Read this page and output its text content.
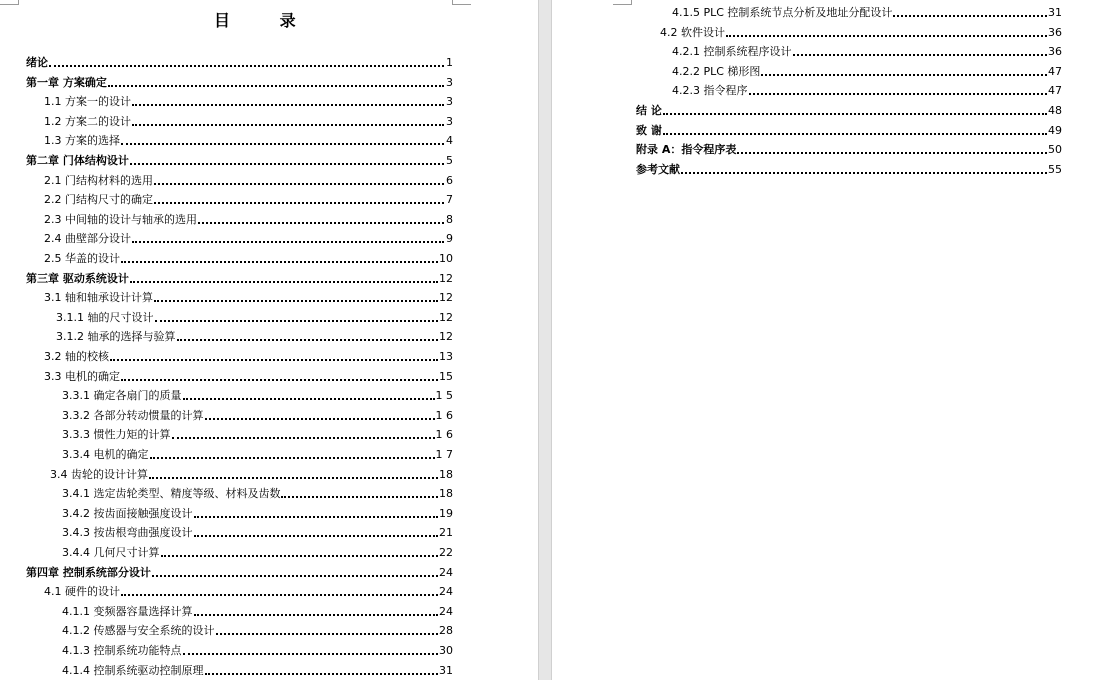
目 录
绪论	1
第一章 方案确定	3
1.1 方案一的设计	3
1.2 方案二的设计	3
1.3 方案的选择	4
第二章 门体结构设计	5
2.1 门结构材料的选用	6
2.2 门结构尺寸的确定	7
2.3 中间轴的设计与轴承的选用	8
2.4 曲壁部分设计	9
2.5 华盖的设计	10
第三章 驱动系统设计	12
3.1 轴和轴承设计计算	12
3.1.1 轴的尺寸设计	12
3.1.2 轴承的选择与验算	12
3.2 轴的校核	13
3.3 电机的确定	15
3.3.1 确定各扇门的质量	1 5
3.3.2 各部分转动惯量的计算	1 6
3.3.3 惯性力矩的计算	1 6
3.3.4 电机的确定	1 7
3.4 齿轮的设计计算	18
3.4.1 选定齿轮类型、精度等级、材料及齿数	18
3.4.2 按齿面接触强度设计	19
3.4.3 按齿根弯曲强度设计	21
3.4.4 几何尺寸计算	22
第四章 控制系统部分设计	24
4.1 硬件的设计	24
4.1.1 变频器容量选择计算	24
4.1.2 传感器与安全系统的设计	28
4.1.3 控制系统功能特点	30
4.1.4 控制系统驱动控制原理	31
4.1.5 PLC 控制系统节点分析及地址分配设计	31
4.2 软件设计	36
4.2.1 控制系统程序设计	36
4.2.2 PLC 梯形图	47
4.2.3 指令程序	47
结 论	48
致 谢	49
附录 A：指令程序表	50
参考文献	55
